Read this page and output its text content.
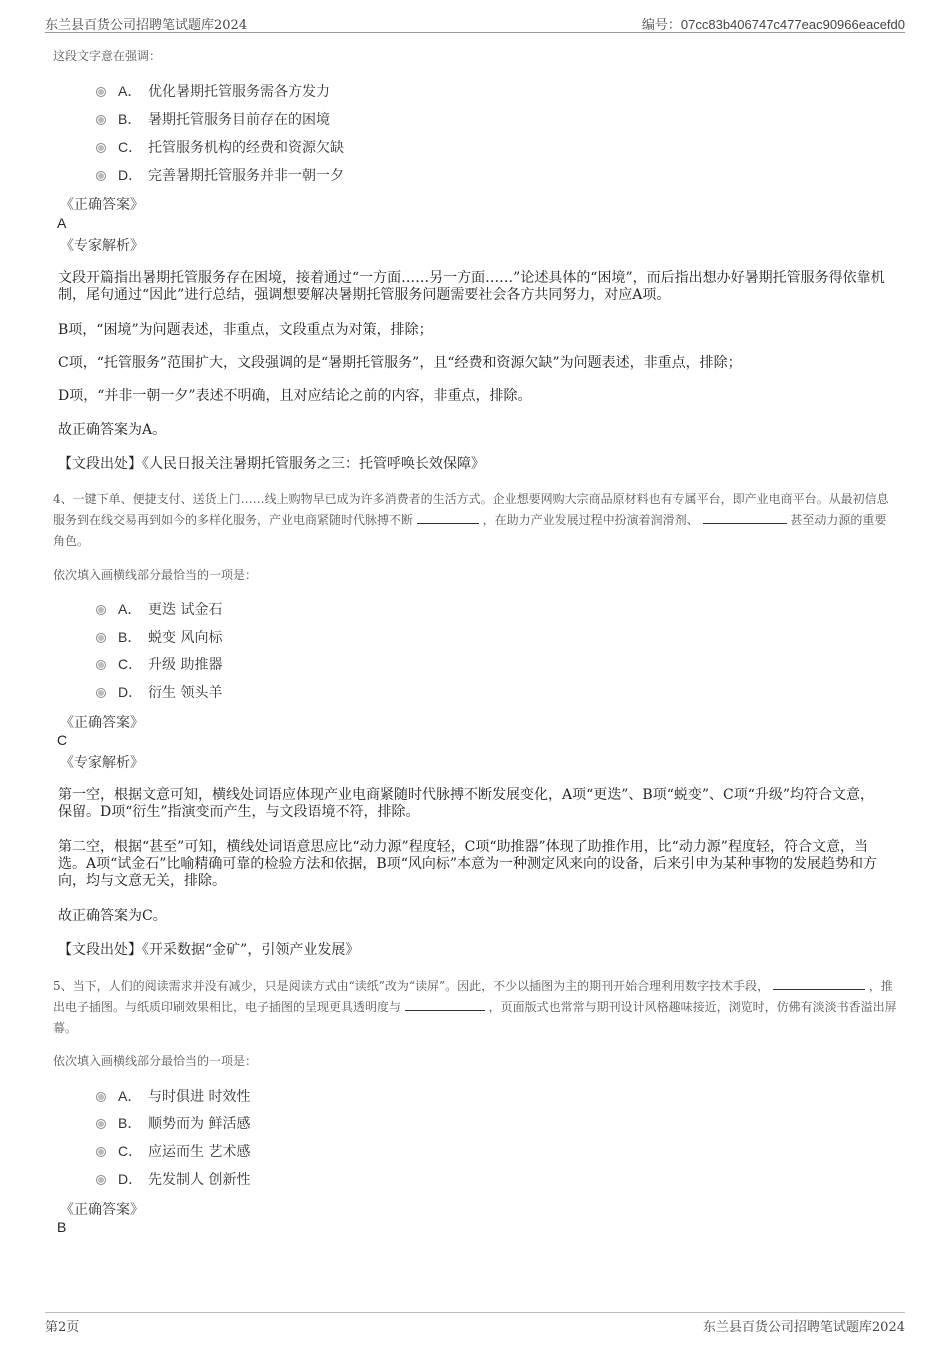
东兰县百货公司招聘笔试题库2024	编号：07cc83b406747c477eac90966eacefd0
这段文字意在强调：
A． 优化暑期托管服务需各方发力
B． 暑期托管服务目前存在的困境
C． 托管服务机构的经费和资源欠缺
D． 完善暑期托管服务并非一朝一夕
《正确答案》
A
《专家解析》
文段开篇指出暑期托管服务存在困境，接着通过“一方面……另一方面……”论述具体的“困境”，而后指出想办好暑期托管服务得依靠机制，尾句通过“因此”进行总结，强调想要解决暑期托管服务问题需要社会各方共同努力，对应A项。
B项，“困境”为问题表述，非重点，文段重点为对策，排除；
C项，“托管服务”范围扩大，文段强调的是“暑期托管服务”，且“经费和资源欠缺”为问题表述，非重点，排除；
D项，“并非一朝一夕”表述不明确，且对应结论之前的内容，非重点，排除。
故正确答案为A。
【文段出处】《人民日报关注暑期托管服务之三：托管呼唤长效保障》
4、一键下单、便捷支付、送货上门……线上购物早已成为许多消费者的生活方式。企业想要网购大宗商品原材料也有专属平台，即产业电商平台。从最初信息服务到在线交易再到如今的多样化服务，产业电商紧随时代脉搏不断	，在助力产业发展过程中扮演着润滑剂、	甚至动力源的重要角色。
依次填入画横线部分最恰当的一项是：
A． 更迭 试金石
B． 蜕变 风向标
C． 升级 助推器
D． 衍生 领头羊
《正确答案》
C
《专家解析》
第一空，根据文意可知，横线处词语应体现产业电商紧随时代脉搏不断发展变化，A项“更迭”、B项“蜕变”、C项“升级”均符合文意，保留。D项“衍生”指演变而产生，与文段语境不符，排除。
第二空，根据“甚至”可知，横线处词语意思应比“动力源”程度轻，C项“助推器”体现了助推作用，比“动力源”程度轻，符合文意，当选。A项“试金石”比喻精确可靠的检验方法和依据，B项“风向标”本意为一种测定风来向的设备，后来引申为某种事物的发展趋势和方向，均与文意无关，排除。
故正确答案为C。
【文段出处】《开采数据“金矿”，引领产业发展》
5、当下，人们的阅读需求并没有减少，只是阅读方式由“读纸”改为“读屏”。因此，不少以插图为主的期刊开始合理利用数字技术手段，	，推出电子插图。与纸质印刷效果相比，电子插图的呈现更具透明度与	，页面版式也常常与期刊设计风格趣味接近，浏览时，仿佛有淡淡书香溢出屏幕。
依次填入画横线部分最恰当的一项是：
A． 与时俱进 时效性
B． 顺势而为 鲜活感
C． 应运而生 艺术感
D． 先发制人 创新性
《正确答案》
B
第2页	东兰县百货公司招聘笔试题库2024
